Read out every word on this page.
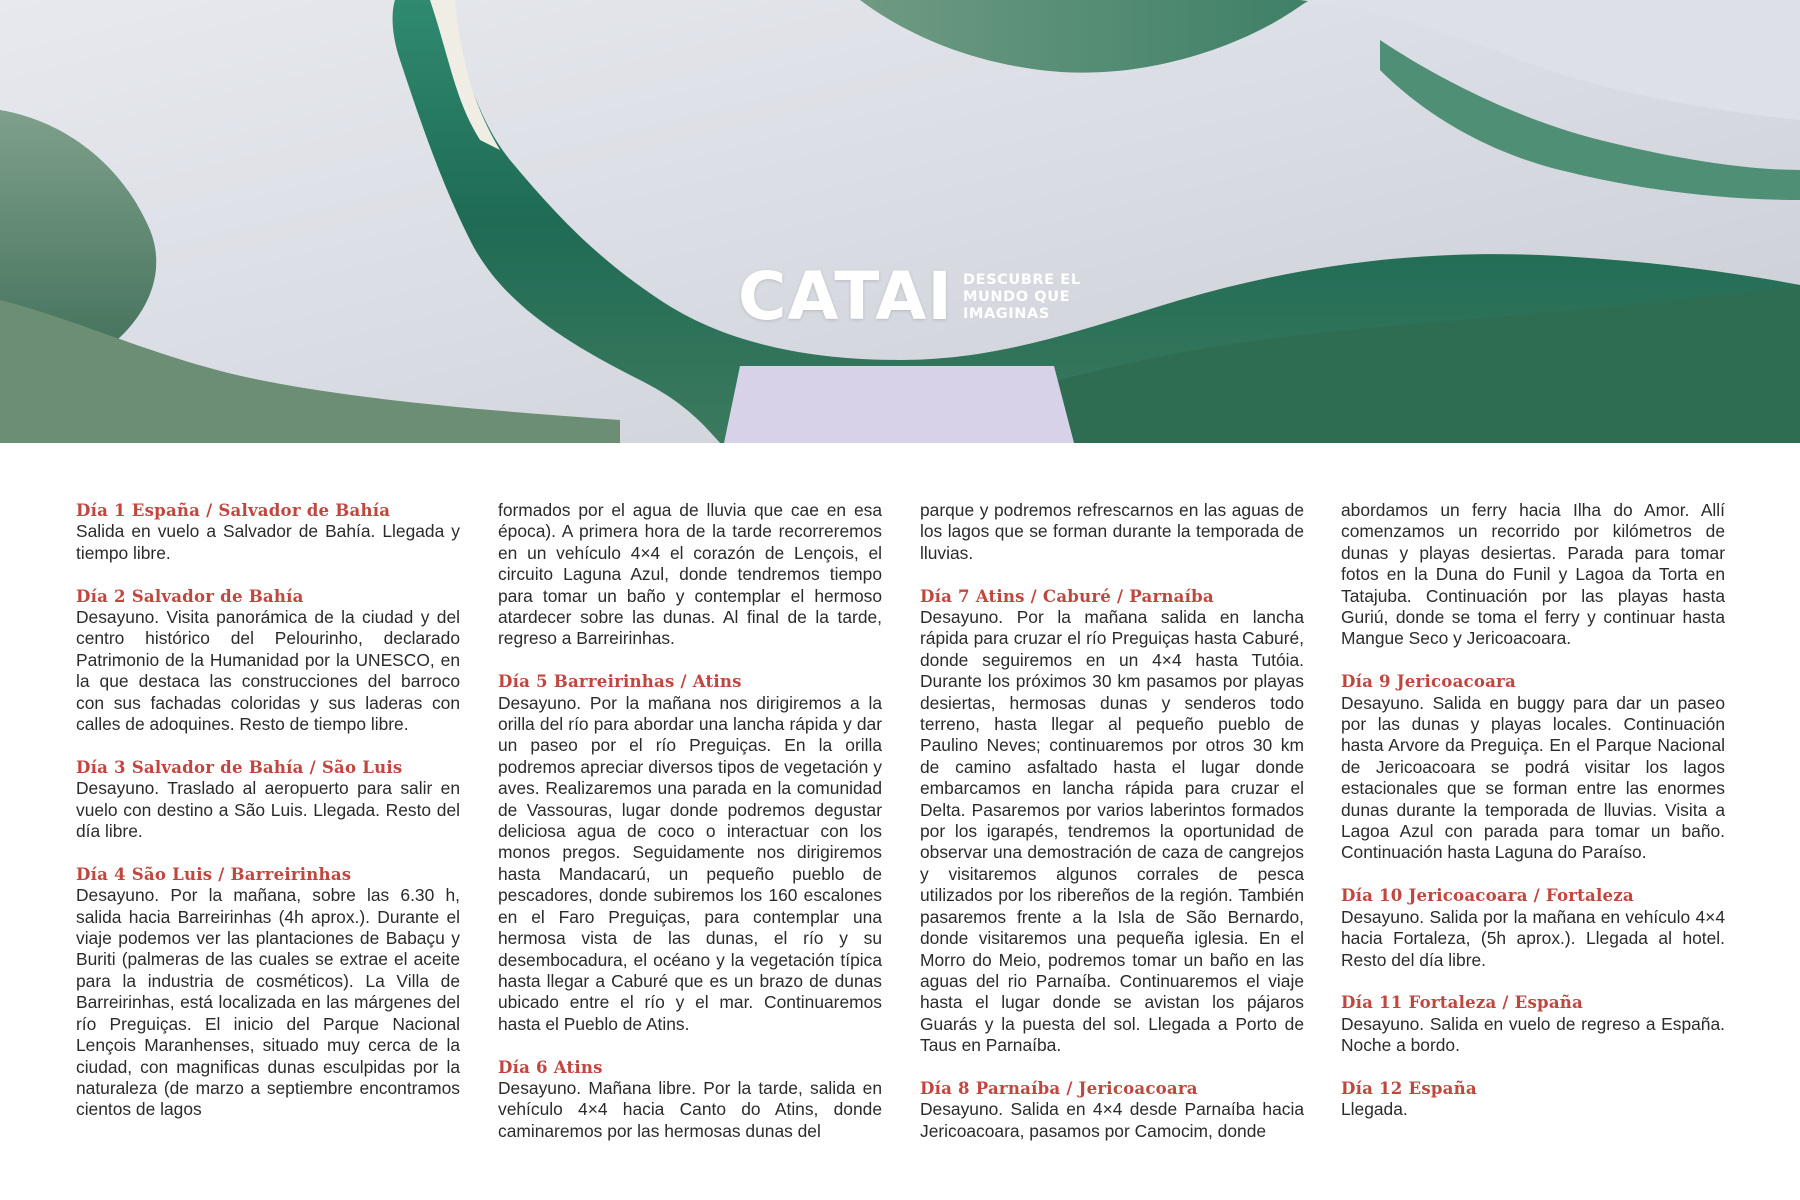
CATAI DESCUBRE EL
MUNDO QUE
IMAGINAS
Día 1 España / Salvador de Bahía
Salida en vuelo a Salvador de Bahía. Llegada y tiempo libre.
Día 2 Salvador de Bahía
Desayuno. Visita panorámica de la ciudad y del centro histórico del Pelourinho, declarado Patrimonio de la Humanidad por la UNESCO, en la que destaca las construcciones del barroco con sus fachadas coloridas y sus laderas con calles de adoquines. Resto de tiempo libre.
Día 3 Salvador de Bahía / São Luis
Desayuno. Traslado al aeropuerto para salir en vuelo con destino a São Luis. Llegada. Resto del día libre.
Día 4 São Luis / Barreirinhas
Desayuno. Por la mañana, sobre las 6.30 h, salida hacia Barreirinhas (4h aprox.). Durante el viaje podemos ver las plantaciones de Babaçu y Buriti (palmeras de las cuales se extrae el aceite para la industria de cosméticos). La Villa de Barreirinhas, está localizada en las márgenes del río Preguiças. El inicio del Parque Nacional Lençois Maranhenses, situado muy cerca de la ciudad, con magnificas dunas esculpidas por la naturaleza (de marzo a septiembre encontramos cientos de lagos
formados por el agua de lluvia que cae en esa época). A primera hora de la tarde recorreremos en un vehículo 4×4 el corazón de Lençois, el circuito Laguna Azul, donde tendremos tiempo para tomar un baño y contemplar el hermoso atardecer sobre las dunas. Al final de la tarde, regreso a Barreirinhas.
Día 5 Barreirinhas / Atins
Desayuno. Por la mañana nos dirigiremos a la orilla del río para abordar una lancha rápida y dar un paseo por el río Preguiças. En la orilla podremos apreciar diversos tipos de vegetación y aves. Realizaremos una parada en la comunidad de Vassouras, lugar donde podremos degustar deliciosa agua de coco o interactuar con los monos pregos. Seguidamente nos dirigiremos hasta Mandacarú, un pequeño pueblo de pescadores, donde subiremos los 160 escalones en el Faro Preguiças, para contemplar una hermosa vista de las dunas, el río y su desembocadura, el océano y la vegetación típica hasta llegar a Caburé que es un brazo de dunas ubicado entre el río y el mar. Continuaremos hasta el Pueblo de Atins.
Día 6 Atins
Desayuno. Mañana libre. Por la tarde, salida en vehículo 4×4 hacia Canto do Atins, donde caminaremos por las hermosas dunas del
parque y podremos refrescarnos en las aguas de los lagos que se forman durante la temporada de lluvias.
Día 7 Atins / Caburé / Parnaíba
Desayuno. Por la mañana salida en lancha rápida para cruzar el río Preguiças hasta Caburé, donde seguiremos en un 4×4 hasta Tutóia. Durante los próximos 30 km pasamos por playas desiertas, hermosas dunas y senderos todo terreno, hasta llegar al pequeño pueblo de Paulino Neves; continuaremos por otros 30 km de camino asfaltado hasta el lugar donde embarcamos en lancha rápida para cruzar el Delta. Pasaremos por varios laberintos formados por los igarapés, tendremos la oportunidad de observar una demostración de caza de cangrejos y visitaremos algunos corrales de pesca utilizados por los ribereños de la región. También pasaremos frente a la Isla de São Bernardo, donde visitaremos una pequeña iglesia. En el Morro do Meio, podremos tomar un baño en las aguas del rio Parnaíba. Continuaremos el viaje hasta el lugar donde se avistan los pájaros Guarás y la puesta del sol. Llegada a Porto de Taus en Parnaíba.
Día 8 Parnaíba / Jericoacoara
Desayuno. Salida en 4×4 desde Parnaíba hacia Jericoacoara, pasamos por Camocim, donde
abordamos un ferry hacia Ilha do Amor. Allí comenzamos un recorrido por kilómetros de dunas y playas desiertas. Parada para tomar fotos en la Duna do Funil y Lagoa da Torta en Tatajuba. Continuación por las playas hasta Guriú, donde se toma el ferry y continuar hasta Mangue Seco y Jericoacoara.
Día 9 Jericoacoara
Desayuno. Salida en buggy para dar un paseo por las dunas y playas locales. Continuación hasta Arvore da Preguiça. En el Parque Nacional de Jericoacoara se podrá visitar los lagos estacionales que se forman entre las enormes dunas durante la temporada de lluvias. Visita a Lagoa Azul con parada para tomar un baño. Continuación hasta Laguna do Paraíso.
Día 10 Jericoacoara / Fortaleza
Desayuno. Salida por la mañana en vehículo 4×4 hacia Fortaleza, (5h aprox.). Llegada al hotel. Resto del día libre.
Día 11 Fortaleza / España
Desayuno. Salida en vuelo de regreso a España. Noche a bordo.
Día 12 España
Llegada.
